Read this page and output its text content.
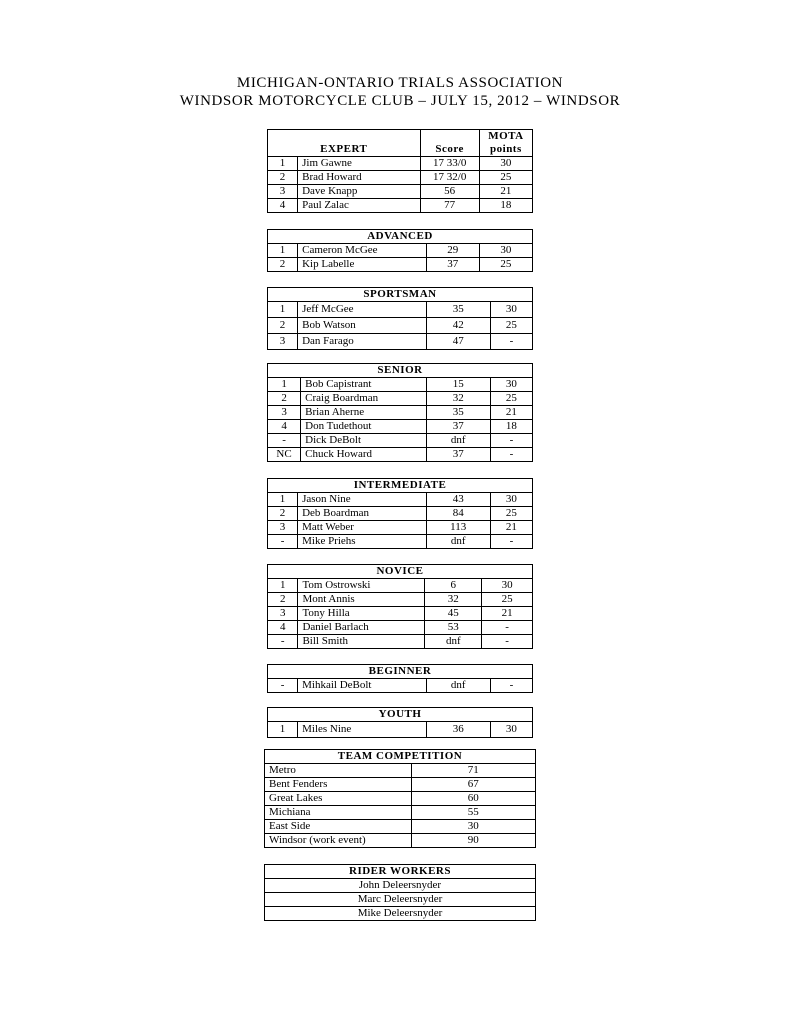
MICHIGAN-ONTARIO TRIALS ASSOCIATION
WINDSOR MOTORCYCLE CLUB – JULY 15, 2012 – WINDSOR
EXPERT		Score	MOTA
points
1	Jim Gawne	17 33/0	30
2	Brad Howard	17 32/0	25
3	Dave Knapp	56	21
4	Paul Zalac	77	18
ADVANCED			
1	Cameron McGee	29	30
2	Kip Labelle	37	25
SPORTSMAN			
1	Jeff McGee	35	30
2	Bob Watson	42	25
3	Dan Farago	47	-
SENIOR			
1	Bob Capistrant	15	30
2	Craig Boardman	32	25
3	Brian Aherne	35	21
4	Don Tudethout	37	18
-	Dick DeBolt	dnf	-
NC	Chuck Howard	37	-
INTERMEDIATE			
1	Jason Nine	43	30
2	Deb Boardman	84	25
3	Matt Weber	113	21
-	Mike Priehs	dnf	-
NOVICE			
1	Tom Ostrowski	6	30
2	Mont Annis	32	25
3	Tony Hilla	45	21
4	Daniel Barlach	53	-
-	Bill Smith	dnf	-
BEGINNER
-	Mihkail DeBolt	dnf	-
YOUTH
1	Miles Nine	36	30
TEAM COMPETITION	
Metro	71
Bent Fenders	67
Great Lakes	60
Michiana	55
East Side	30
Windsor (work event)	90
RIDER WORKERS
John Deleersnyder
Marc Deleersnyder
Mike Deleersnyder
